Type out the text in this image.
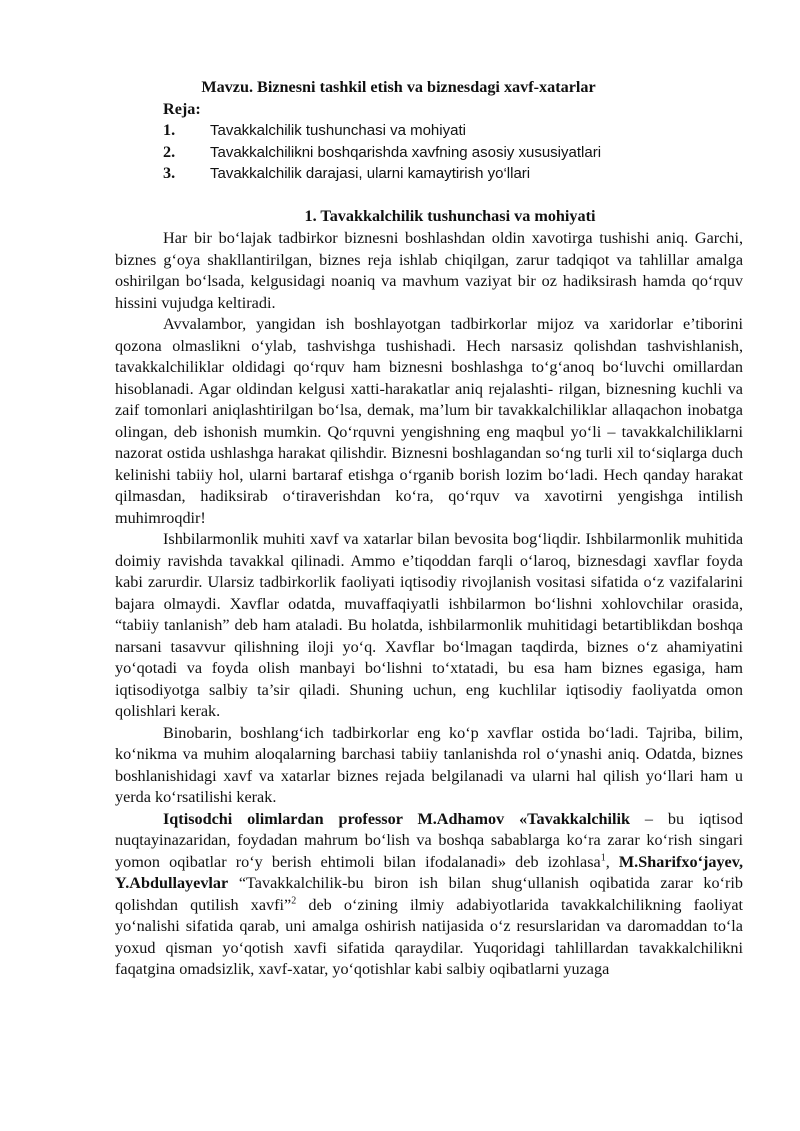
Mavzu. Biznesni tashkil etish va biznesdagi xavf-xatarlar

Reja:

1.	Tavakkalchilik tushunchasi va mohiyati
2.	Tavakkalchilikni boshqarishda xavfning asosiy xususiyatlari
3.	Tavakkalchilik darajasi, ularni kamaytirish yo‘llari

1. Tavakkalchilik tushunchasi va mohiyati

Har bir bo‘lajak tadbirkor biznesni boshlashdan oldin xavotirga tushishi aniq. Garchi, biznes g‘oya shakllantirilgan, biznes reja ishlab chiqilgan, zarur tadqiqot va tahlillar amalga oshirilgan bo‘lsada, kelgusidagi noaniq va mavhum vaziyat bir oz hadiksirash hamda qo‘rquv hissini vujudga keltiradi.

Avvalambor, yangidan ish boshlayotgan tadbirkorlar mijoz va xaridorlar e’tiborini qozona olmaslikni o‘ylab, tashvishga tushishadi. Hech narsasiz qolishdan tashvishlanish, tavakkalchiliklar oldidagi qo‘rquv ham biznesni boshlashga to‘g‘anoq bo‘luvchi omillardan hisoblanadi. Agar oldindan kelgusi xatti-harakatlar aniq rejalashti- rilgan, biznesning kuchli va zaif tomonlari aniqlashtirilgan bo‘lsa, demak, ma’lum bir tavakkalchiliklar allaqachon inobatga olingan, deb ishonish mumkin. Qo‘rquvni yengishning eng maqbul yo‘li – tavakkalchiliklarni nazorat ostida ushlashga harakat qilishdir. Biznesni boshlagandan so‘ng turli xil to‘siqlarga duch kelinishi tabiiy hol, ularni bartaraf etishga o‘rganib borish lozim bo‘ladi. Hech qanday harakat qilmasdan, hadiksirab o‘tiraverishdan ko‘ra, qo‘rquv va xavotirni yengishga intilish muhimroqdir!

Ishbilarmonlik muhiti xavf va xatarlar bilan bevosita bog‘liqdir. Ishbilarmonlik muhitida doimiy ravishda tavakkal qilinadi. Ammo e’tiqoddan farqli o‘laroq, biznesdagi xavflar foyda kabi zarurdir. Ularsiz tadbirkorlik faoliyati iqtisodiy rivojlanish vositasi sifatida o‘z vazifalarini bajara olmaydi. Xavflar odatda, muvaffaqiyatli ishbilarmon bo‘lishni xohlovchilar orasida, “tabiiy tanlanish” deb ham ataladi. Bu holatda, ishbilarmonlik muhitidagi betartiblikdan boshqa narsani tasavvur qilishning iloji yo‘q. Xavflar bo‘lmagan taqdirda, biznes o‘z ahamiyatini yo‘qotadi va foyda olish manbayi bo‘lishni to‘xtatadi, bu esa ham biznes egasiga, ham iqtisodiyotga salbiy ta’sir qiladi. Shuning uchun, eng kuchlilar iqtisodiy faoliyatda omon qolishlari kerak.

Binobarin, boshlang‘ich tadbirkorlar eng ko‘p xavflar ostida bo‘ladi. Tajriba, bilim, ko‘nikma va muhim aloqalarning barchasi tabiiy tanlanishda rol o‘ynashi aniq. Odatda, biznes boshlanishidagi xavf va xatarlar biznes rejada belgilanadi va ularni hal qilish yo‘llari ham u yerda ko‘rsatilishi kerak.

Iqtisodchi olimlardan professor M.Adhamov «Tavakkalchilik – bu iqtisod nuqtayinazaridan, foydadan mahrum bo‘lish va boshqa sabablarga ko‘ra zarar ko‘rish singari yomon oqibatlar ro‘y berish ehtimoli bilan ifodalanadi» deb izohlasa$^1$, M.Sharifxo‘jayev, Y.Abdullayevlar “Tavakkalchilik-bu biron ish bilan shug‘ullanish oqibatida zarar ko‘rib qolishdan qutilish xavfi”$^2$ deb o‘zining ilmiy adabiyotlarida tavakkalchilikning faoliyat yo‘nalishi sifatida qarab, uni amalga oshirish natijasida o‘z resurslaridan va daromaddan to‘la yoxud qisman yo‘qotish xavfi sifatida qaraydilar. Yuqoridagi tahlillardan tavakkalchilikni faqatgina omadsizlik, xavf-xatar, yo‘qotishlar kabi salbiy oqibatlarni yuzaga
